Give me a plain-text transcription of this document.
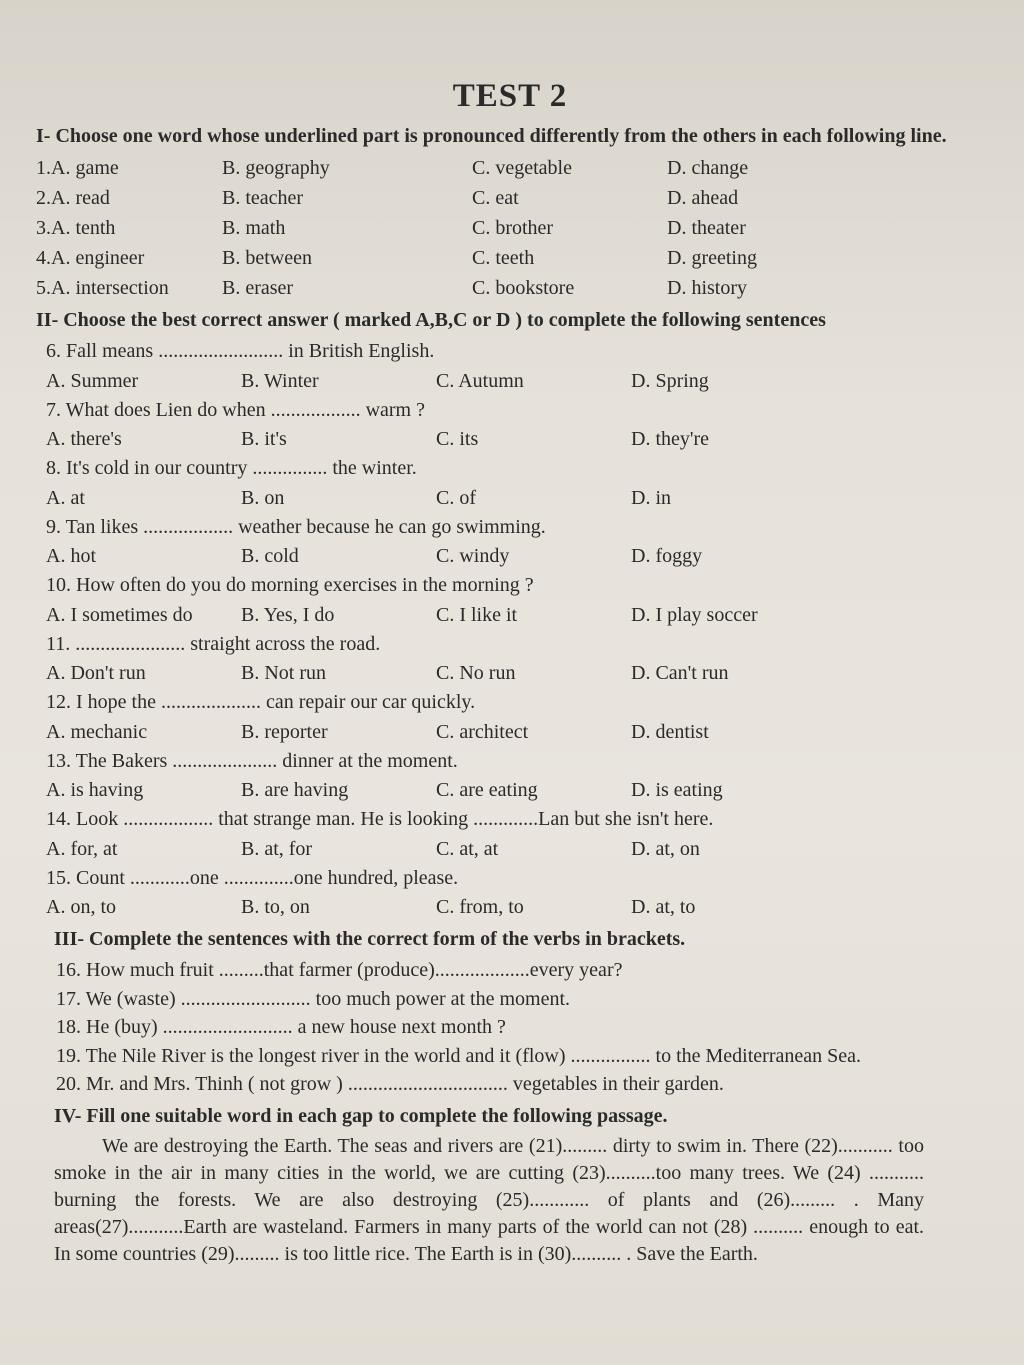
TEST 2
I- Choose one word whose underlined part is pronounced differently from the others in each following line.
1.A. game	B. geography	C. vegetable	D. change
2.A. read	B. teacher	C. eat	D. ahead
3.A. tenth	B. math	C. brother	D. theater
4.A. engineer	B. between	C. teeth	D. greeting
5.A. intersection	B. eraser	C. bookstore	D. history
II- Choose the best correct answer ( marked A,B,C or D ) to complete the following sentences
6. Fall means ......................... in British English.
A. Summer	B. Winter	C. Autumn	D. Spring
7. What does Lien do when .................. warm ?
A. there's	B. it's	C. its	D. they're
8. It's cold in our country ............... the winter.
A. at	B. on	C. of	D. in
9. Tan likes .................. weather because he can go swimming.
A. hot	B. cold	C. windy	D. foggy
10. How often do you do morning exercises in the morning ?
A. I sometimes do	B. Yes, I do	C. I like it	D. I play soccer
11. ...................... straight across the road.
A. Don't run	B. Not run	C. No run	D. Can't run
12. I hope the .................... can repair our car quickly.
A. mechanic	B. reporter	C. architect	D. dentist
13. The Bakers ..................... dinner at the moment.
A. is having	B. are having	C. are eating	D. is eating
14. Look .................. that strange man. He is looking .............Lan but she isn't here.
A. for, at	B. at, for	C. at, at	D. at, on
15. Count ............one ..............one hundred, please.
A. on, to	B. to, on	C. from, to	D. at, to
III- Complete the sentences with the correct form of the verbs in brackets.
16. How much fruit .........that farmer (produce)...................every year?
17. We (waste) .......................... too much power at the moment.
18. He (buy) .......................... a new house next month ?
19. The Nile River is the longest river in the world and it (flow) ................ to the Mediterranean Sea.
20. Mr. and Mrs. Thinh ( not grow ) ................................ vegetables in their garden.
IV- Fill one suitable word in each gap to complete the following passage.

We are destroying the Earth. The seas and rivers are (21)......... dirty to swim in. There (22)........... too smoke in the air in many cities in the world, we are cutting (23)..........too many trees. We (24) ........... burning the forests. We are also destroying (25)............ of plants and (26)......... . Many areas(27)...........Earth are wasteland. Farmers in many parts of the world can not (28) .......... enough to eat. In some countries (29)......... is too little rice. The Earth is in (30).......... . Save the Earth.
